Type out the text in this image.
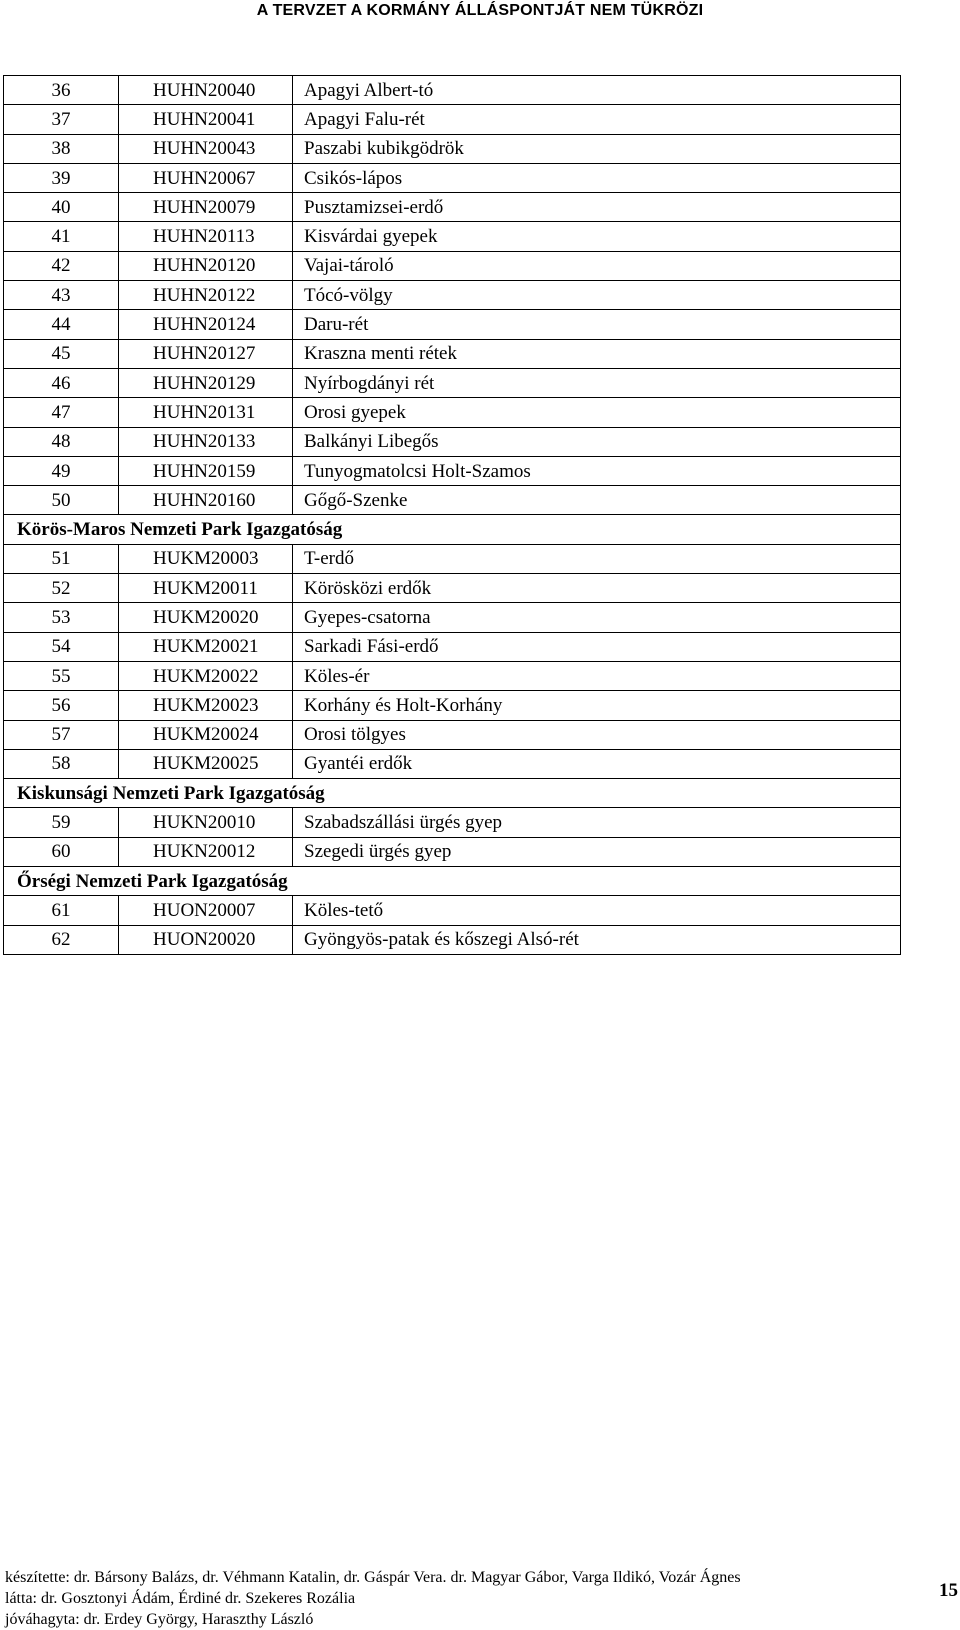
A TERVZET A KORMÁNY ÁLLÁSPONTJÁT NEM TÜKRÖZI
36	HUHN20040	Apagyi Albert-tó
37	HUHN20041	Apagyi Falu-rét
38	HUHN20043	Paszabi kubikgödrök
39	HUHN20067	Csikós-lápos
40	HUHN20079	Pusztamizsei-erdő
41	HUHN20113	Kisvárdai gyepek
42	HUHN20120	Vajai-tároló
43	HUHN20122	Tócó-völgy
44	HUHN20124	Daru-rét
45	HUHN20127	Kraszna menti rétek
46	HUHN20129	Nyírbogdányi rét
47	HUHN20131	Orosi gyepek
48	HUHN20133	Balkányi Libegős
49	HUHN20159	Tunyogmatolcsi Holt-Szamos
50	HUHN20160	Gőgő-Szenke
Körös-Maros Nemzeti Park Igazgatóság		
51	HUKM20003	T-erdő
52	HUKM20011	Körösközi erdők
53	HUKM20020	Gyepes-csatorna
54	HUKM20021	Sarkadi Fási-erdő
55	HUKM20022	Köles-ér
56	HUKM20023	Korhány és Holt-Korhány
57	HUKM20024	Orosi tölgyes
58	HUKM20025	Gyantéi erdők
Kiskunsági Nemzeti Park Igazgatóság		
59	HUKN20010	Szabadszállási ürgés gyep
60	HUKN20012	Szegedi ürgés gyep
Őrségi Nemzeti Park Igazgatóság		
61	HUON20007	Köles-tető
62	HUON20020	Gyöngyös-patak és kőszegi Alsó-rét
készítette: dr. Bársony Balázs, dr. Véhmann Katalin, dr. Gáspár Vera. dr. Magyar Gábor, Varga Ildikó, Vozár Ágnes
látta: dr. Gosztonyi Ádám, Érdiné dr. Szekeres Rozália
jóváhagyta: dr. Erdey György, Haraszthy László
15
